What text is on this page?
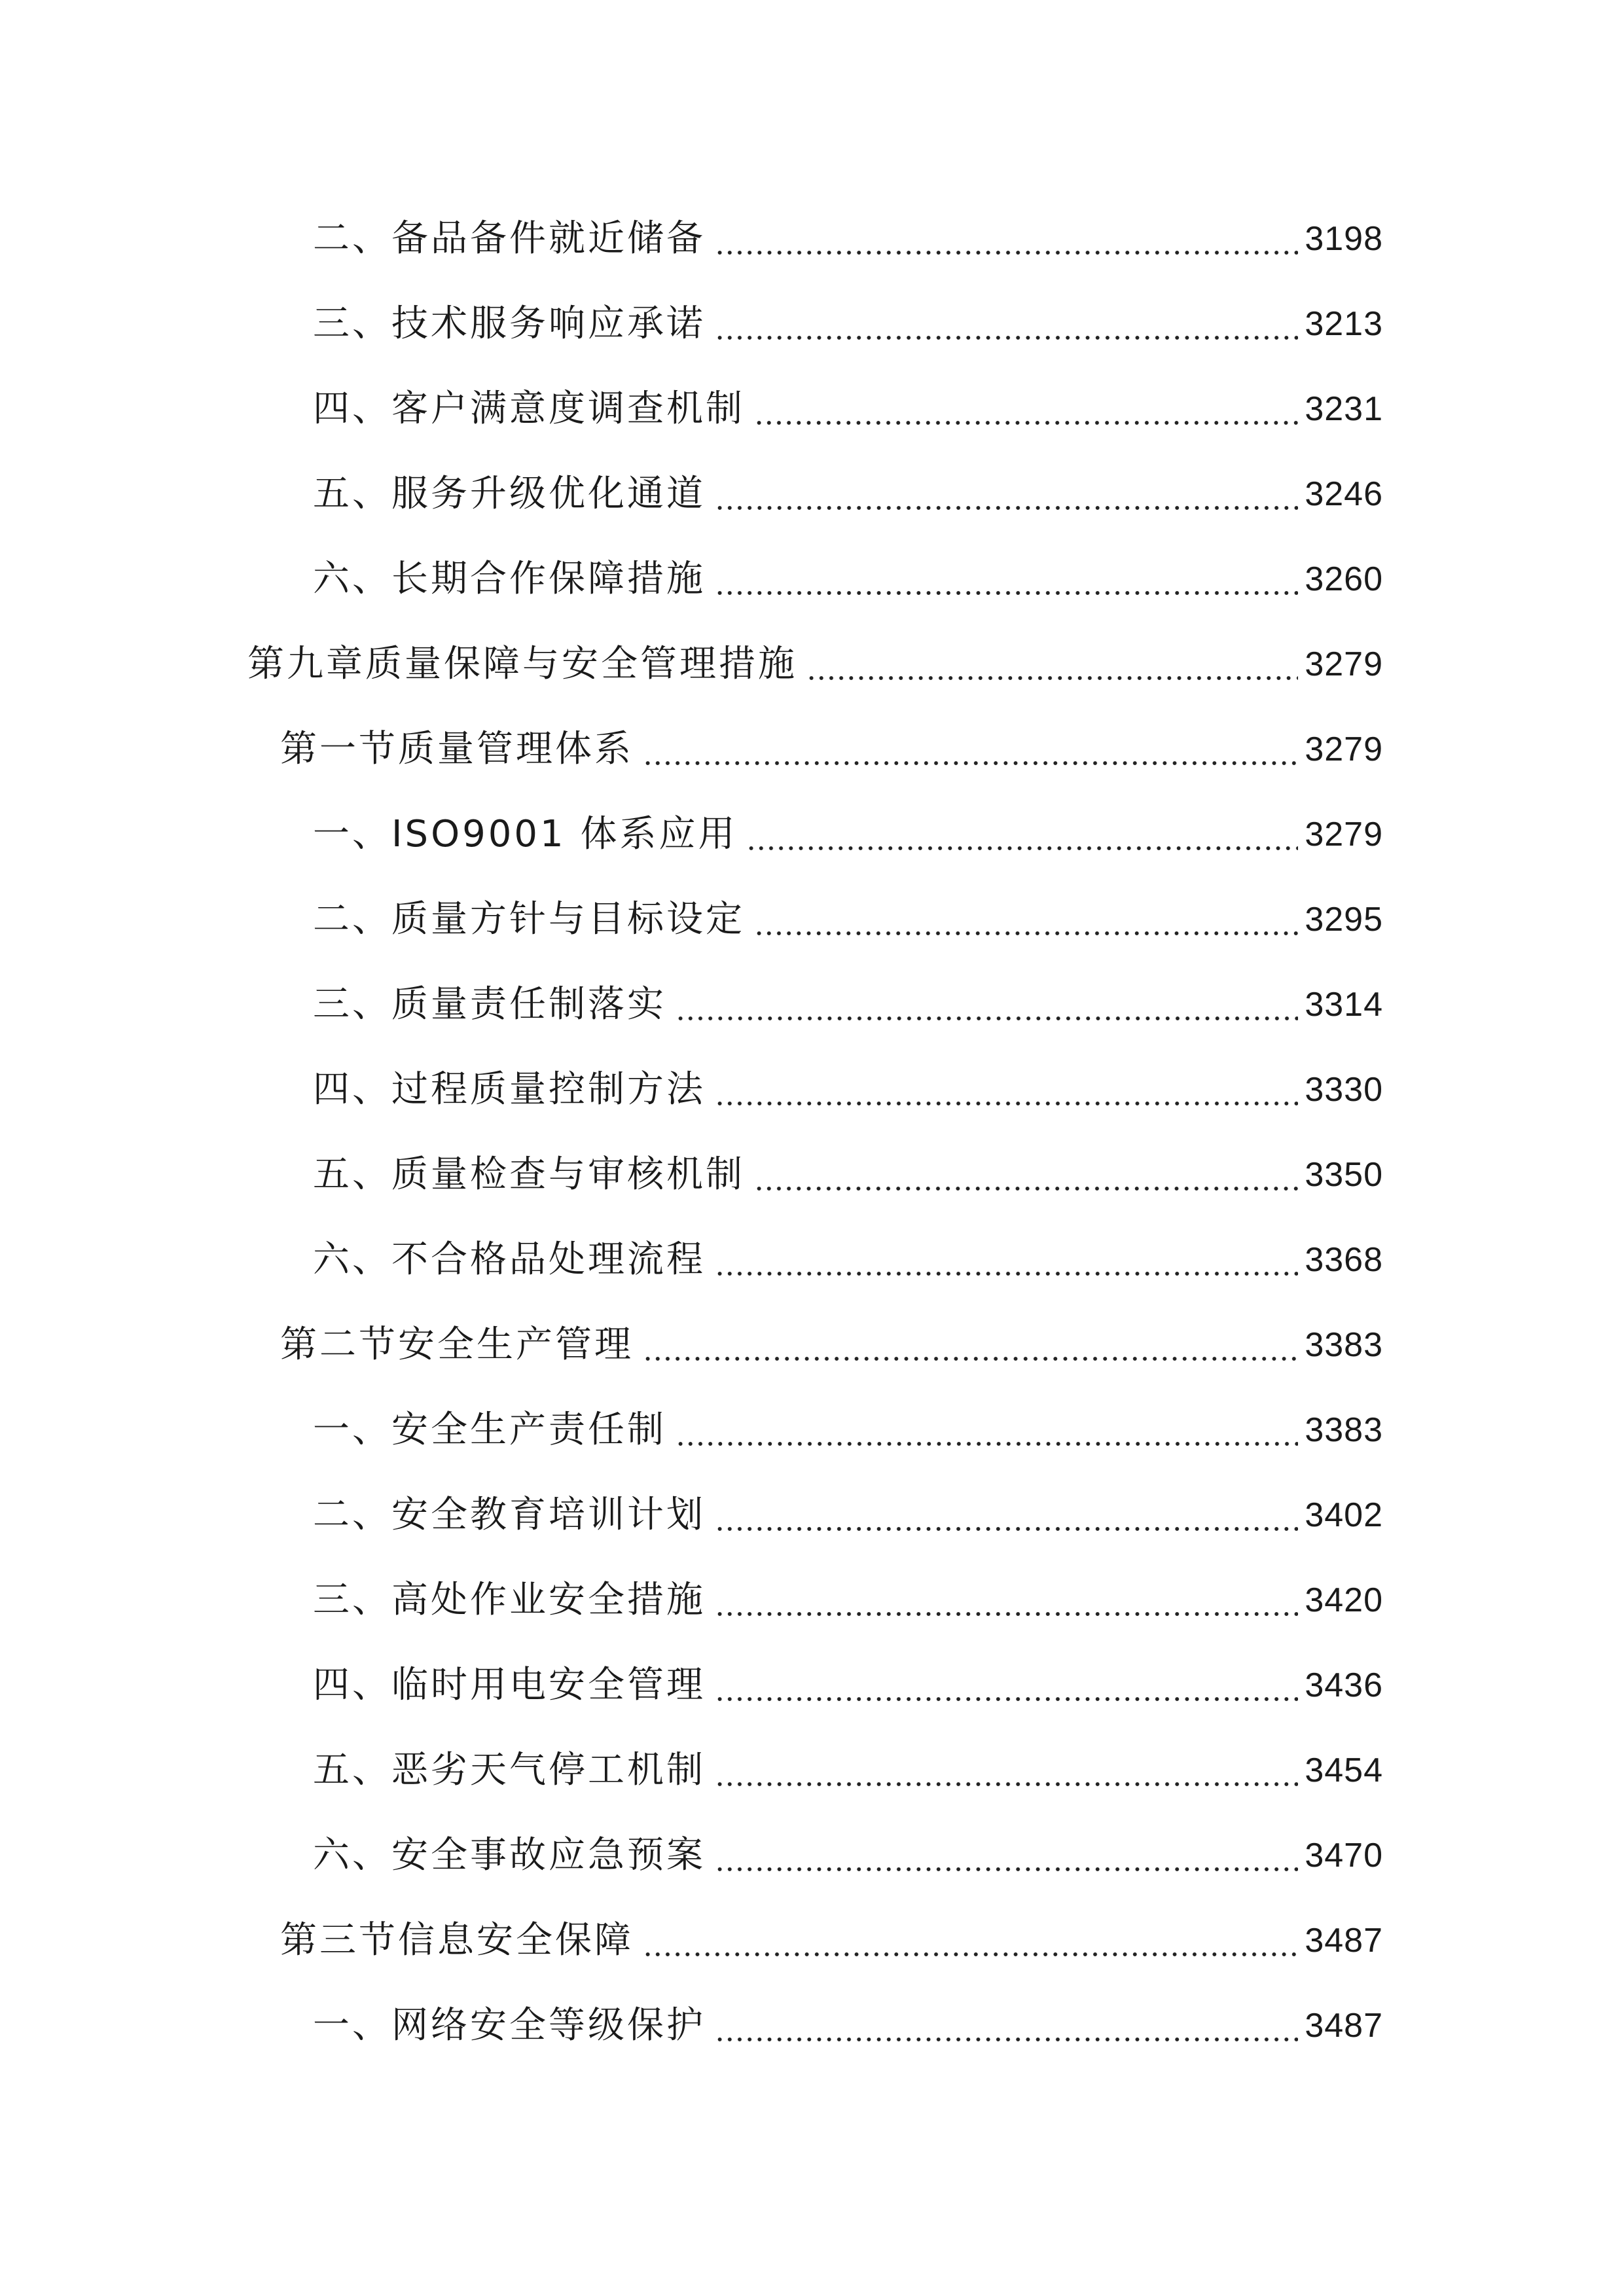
二、备品备件就近储备	3198
三、技术服务响应承诺	3213
四、客户满意度调查机制	3231
五、服务升级优化通道	3246
六、长期合作保障措施	3260
第九章质量保障与安全管理措施	3279
第一节质量管理体系	3279
一、ISO9001 体系应用	3279
二、质量方针与目标设定	3295
三、质量责任制落实	3314
四、过程质量控制方法	3330
五、质量检查与审核机制	3350
六、不合格品处理流程	3368
第二节安全生产管理	3383
一、安全生产责任制	3383
二、安全教育培训计划	3402
三、高处作业安全措施	3420
四、临时用电安全管理	3436
五、恶劣天气停工机制	3454
六、安全事故应急预案	3470
第三节信息安全保障	3487
一、网络安全等级保护	3487
